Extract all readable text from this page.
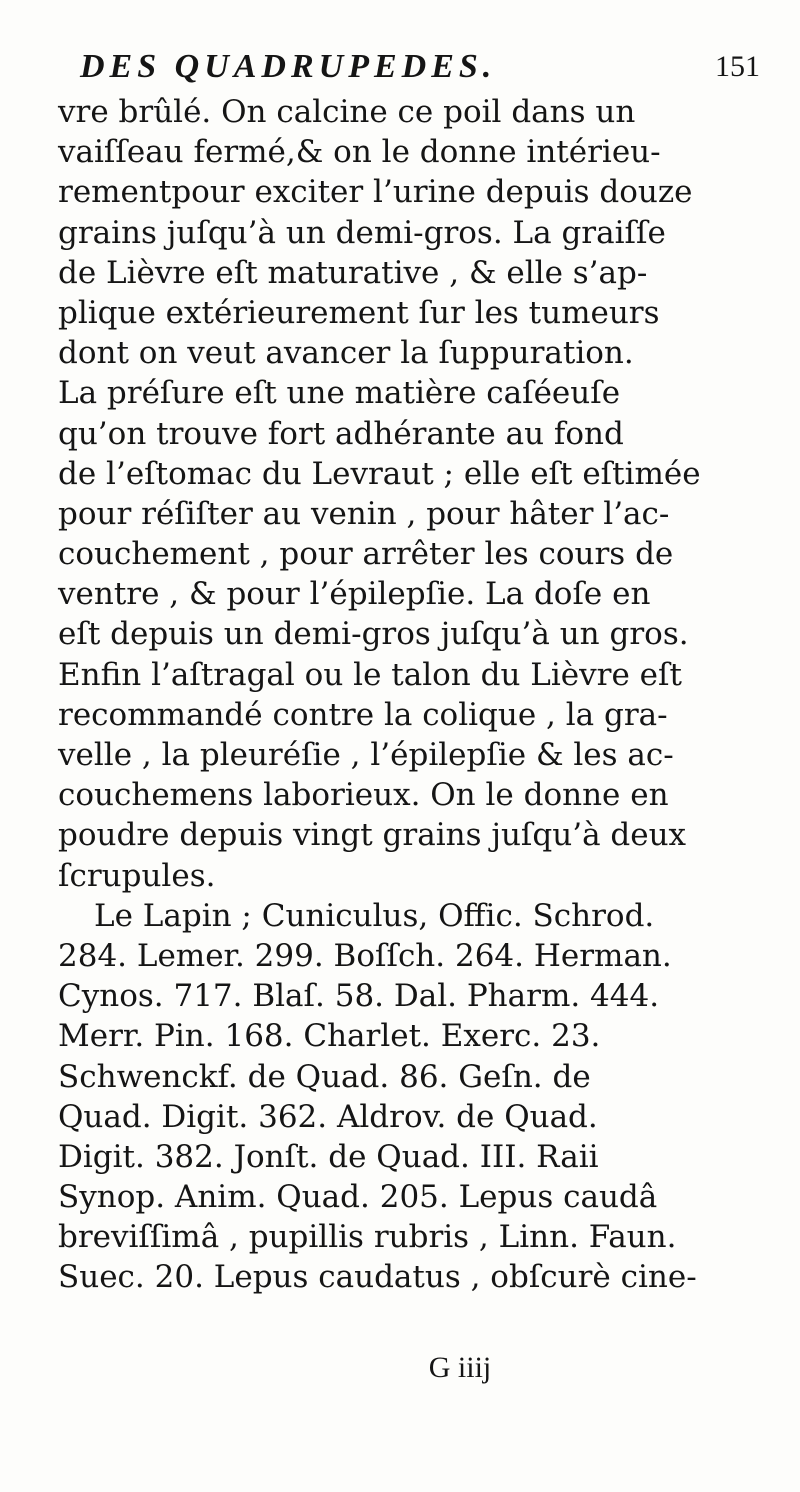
DES QUADRUPEDES.	151
vre brûlé. On calcine ce poil dans un
vaiſſeau fermé,& on le donne intérieu-
rementpour exciter l’urine depuis douze
grains juſqu’à un demi-gros. La graiſſe
de Lièvre eſt maturative , & elle s’ap-
plique extérieurement ſur les tumeurs
dont on veut avancer la ſuppuration.
La préſure eſt une matière caſéeuſe
qu’on trouve fort adhérante au fond
de l’eſtomac du Levraut ; elle eſt eſtimée
pour réſiſter au venin , pour hâter l’ac-
couchement , pour arrêter les cours de
ventre , & pour l’épilepſie. La doſe en
eſt depuis un demi-gros juſqu’à un gros.
Enfin l’aſtragal ou le talon du Lièvre eſt
recommandé contre la colique , la gra-
velle , la pleuréſie , l’épilepſie & les ac-
couchemens laborieux. On le donne en
poudre depuis vingt grains juſqu’à deux
ſcrupules.
Le Lapin ; Cuniculus, Offic. Schrod.
284. Lemer. 299. Boſſch. 264. Herman.
Cynos. 717. Blaſ. 58. Dal. Pharm. 444.
Merr. Pin. 168. Charlet. Exerc. 23.
Schwenckf. de Quad. 86. Geſn. de
Quad. Digit. 362. Aldrov. de Quad.
Digit. 382. Jonſt. de Quad. III. Raii
Synop. Anim. Quad. 205. Lepus caudâ
breviſſimâ , pupillis rubris , Linn. Faun.
Suec. 20. Lepus caudatus , obſcurè cine-
G iiij
